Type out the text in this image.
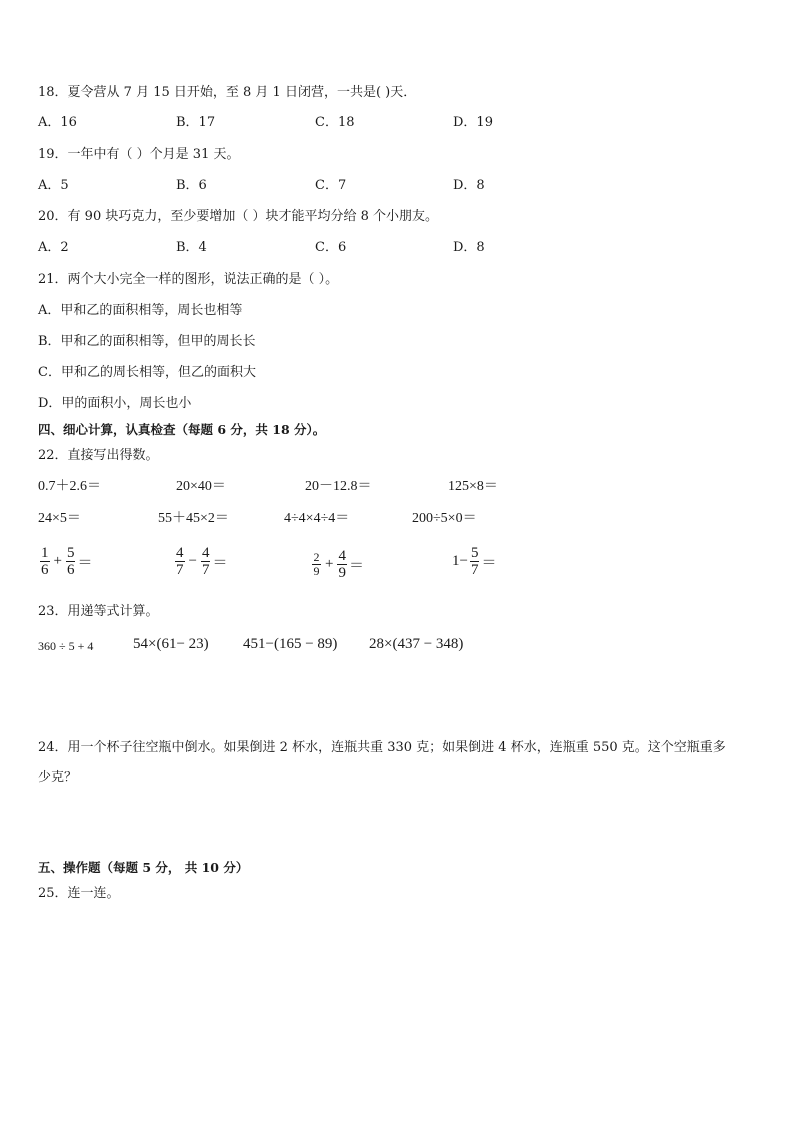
18．夏令营从 7 月 15 日开始，至 8 月 1 日闭营，一共是( )天．
A．16	B．17	C．18	D．19
19．一年中有（ ）个月是 31 天。
A．5	B．6	C．7	D．8
20．有 90 块巧克力，至少要增加（ ）块才能平均分给 8 个小朋友。
A．2	B．4	C．6	D．8
21．两个大小完全一样的图形，说法正确的是（ ）。
A．甲和乙的面积相等，周长也相等
B．甲和乙的面积相等，但甲的周长长
C．甲和乙的周长相等，但乙的面积大
D．甲的面积小，周长也小
四、细心计算，认真检查（每题 6 分，共 18 分）。
22．直接写出得数。
0.7＋2.6＝	20×40＝	20－12.8＝	125×8＝
24×5＝	55＋45×2＝	4÷4×4÷4＝	200÷5×0＝
$\frac{1}{6} + \frac{5}{6}$ ＝	$\frac{4}{7} - \frac{4}{7}$ ＝	$\frac{2}{9} + \frac{4}{9}$ ＝	$1- \frac{5}{7}$ ＝
23．用递等式计算。
360 ÷ 5 + 4	54×(61− 23) 451−(165 − 89) 28×(437 − 348)
24．用一个杯子往空瓶中倒水。如果倒进 2 杯水，连瓶共重 330 克；如果倒进 4 杯水，连瓶重 550 克。这个空瓶重多
少克？
五、操作题（每题 5 分， 共 10 分）
25．连一连。
